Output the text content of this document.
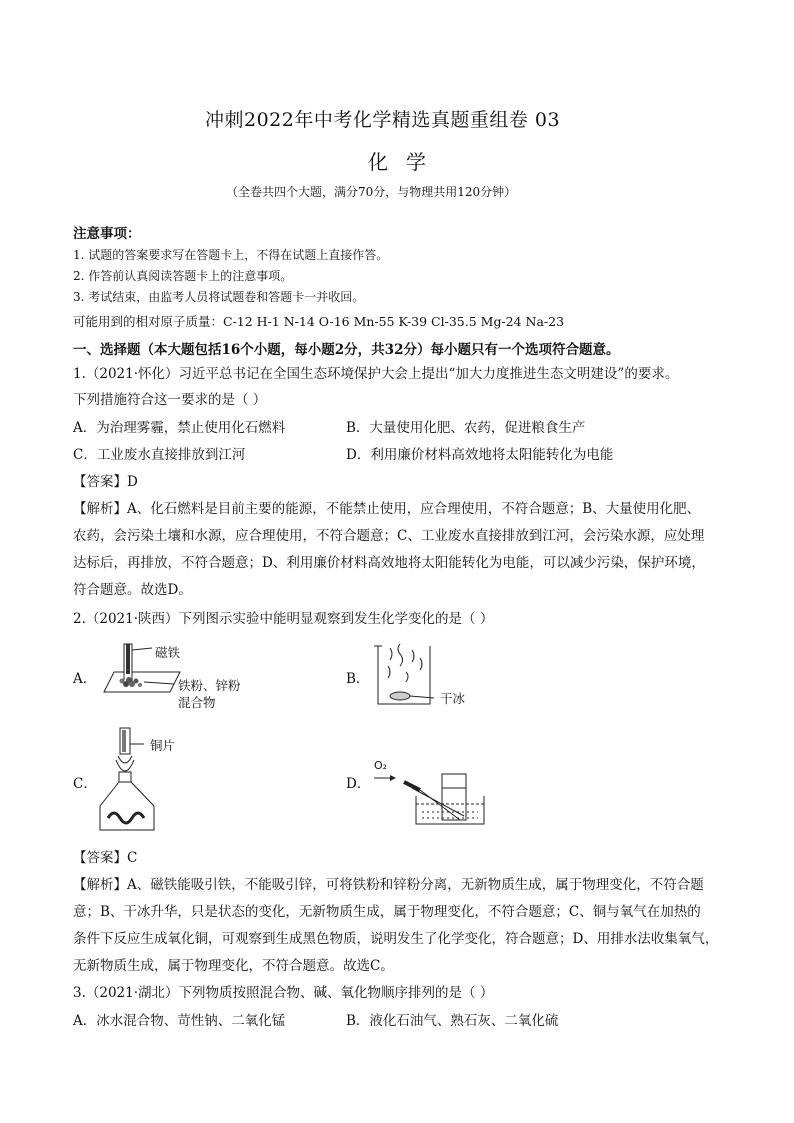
冲刺2022年中考化学精选真题重组卷 03
化学
（全卷共四个大题，满分70分，与物理共用120分钟）
注意事项：
1. 试题的答案要求写在答题卡上，不得在试题上直接作答。
2. 作答前认真阅读答题卡上的注意事项。
3. 考试结束，由监考人员将试题卷和答题卡一并收回。
可能用到的相对原子质量：C-12 H-1 N-14 O-16 Mn-55 K-39 Cl-35.5 Mg-24 Na-23
一、选择题（本大题包括16个小题，每小题2分，共32分）每小题只有一个选项符合题意。
1.（2021·怀化）习近平总书记在全国生态环境保护大会上提出“加大力度推进生态文明建设”的要求。
下列措施符合这一要求的是（ ）
A．为治理雾霾，禁止使用化石燃料	B．大量使用化肥、农药，促进粮食生产
C．工业废水直接排放到江河	D．利用廉价材料高效地将太阳能转化为电能
【答案】D
【解析】A、化石燃料是目前主要的能源，不能禁止使用，应合理使用，不符合题意；B、大量使用化肥、
农药，会污染土壤和水源，应合理使用，不符合题意；C、工业废水直接排放到江河，会污染水源，应处理
达标后，再排放，不符合题意；D、利用廉价材料高效地将太阳能转化为电能，可以减少污染，保护环境，
符合题意。故选D。
2.（2021·陕西）下列图示实验中能明显观察到发生化学变化的是（ ）
A．
磁铁
铁粉、锌粉
混合物
B．
干冰
C．
铜片
D．
O₂
【答案】C
【解析】A、磁铁能吸引铁，不能吸引锌，可将铁粉和锌粉分离，无新物质生成，属于物理变化，不符合题
意；B、干冰升华，只是状态的变化，无新物质生成，属于物理变化，不符合题意；C、铜与氧气在加热的
条件下反应生成氧化铜，可观察到生成黑色物质，说明发生了化学变化，符合题意；D、用排水法收集氧气，
无新物质生成，属于物理变化，不符合题意。故选C。
3.（2021·湖北）下列物质按照混合物、碱、氧化物顺序排列的是（ ）
A．冰水混合物、苛性钠、二氧化锰	B．液化石油气、熟石灰、二氧化硫
